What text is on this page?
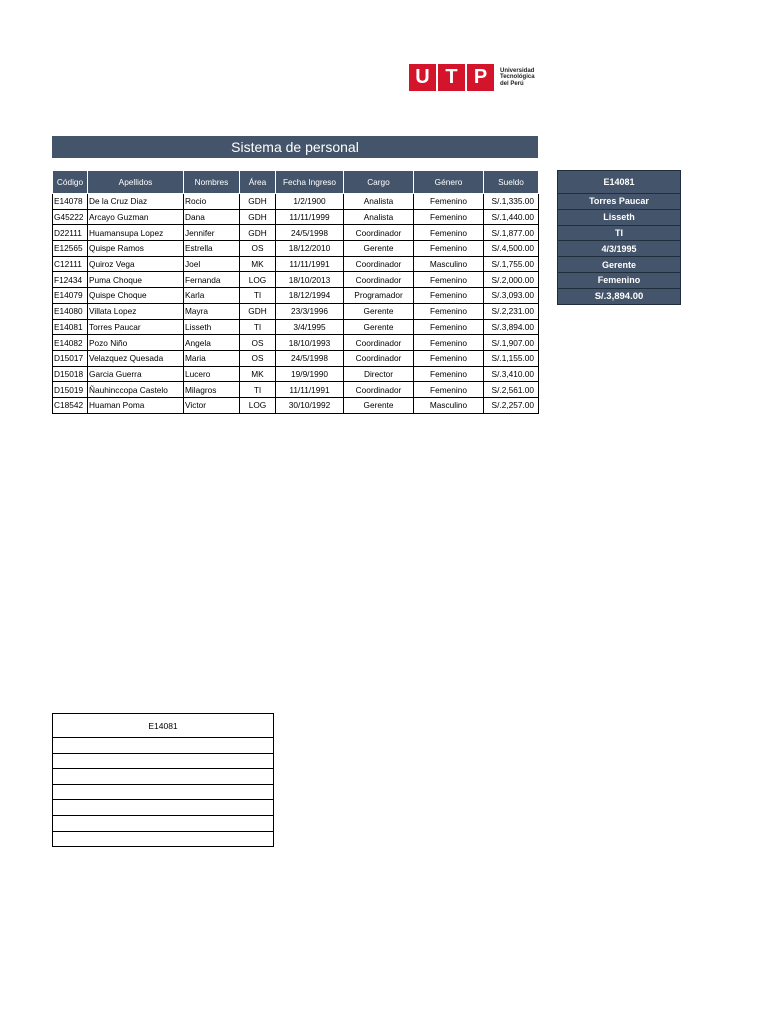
U T P	Universidad
Tecnológica
del Perú
Sistema de personal
Código	Apellidos	Nombres	Área	Fecha Ingreso	Cargo	Género	Sueldo
E14078	De la Cruz Diaz	Rocio	GDH	1/2/1900	Analista	Femenino	S/.1,335.00
G45222	Arcayo Guzman	Dana	GDH	11/11/1999	Analista	Femenino	S/.1,440.00
D22111	Huamansupa Lopez	Jennifer	GDH	24/5/1998	Coordinador	Femenino	S/.1,877.00
E12565	Quispe Ramos	Estrella	OS	18/12/2010	Gerente	Femenino	S/.4,500.00
C12111	Quiroz Vega	Joel	MK	11/11/1991	Coordinador	Masculino	S/.1,755.00
F12434	Puma Choque	Fernanda	LOG	18/10/2013	Coordinador	Femenino	S/.2,000.00
E14079	Quispe Choque	Karla	TI	18/12/1994	Programador	Femenino	S/.3,093.00
E14080	Villata Lopez	Mayra	GDH	23/3/1996	Gerente	Femenino	S/.2,231.00
E14081	Torres Paucar	Lisseth	TI	3/4/1995	Gerente	Femenino	S/.3,894.00
E14082	Pozo Niño	Angela	OS	18/10/1993	Coordinador	Femenino	S/.1,907.00
D15017	Velazquez Quesada	Maria	OS	24/5/1998	Coordinador	Femenino	S/.1,155.00
D15018	Garcia Guerra	Lucero	MK	19/9/1990	Director	Femenino	S/.3,410.00
D15019	Ñauhinccopa Castelo	Milagros	TI	11/11/1991	Coordinador	Femenino	S/.2,561.00
C18542	Huaman Poma	Victor	LOG	30/10/1992	Gerente	Masculino	S/.2,257.00
E14081
Torres Paucar
Lisseth
TI
4/3/1995
Gerente
Femenino
S/.3,894.00
E14081
